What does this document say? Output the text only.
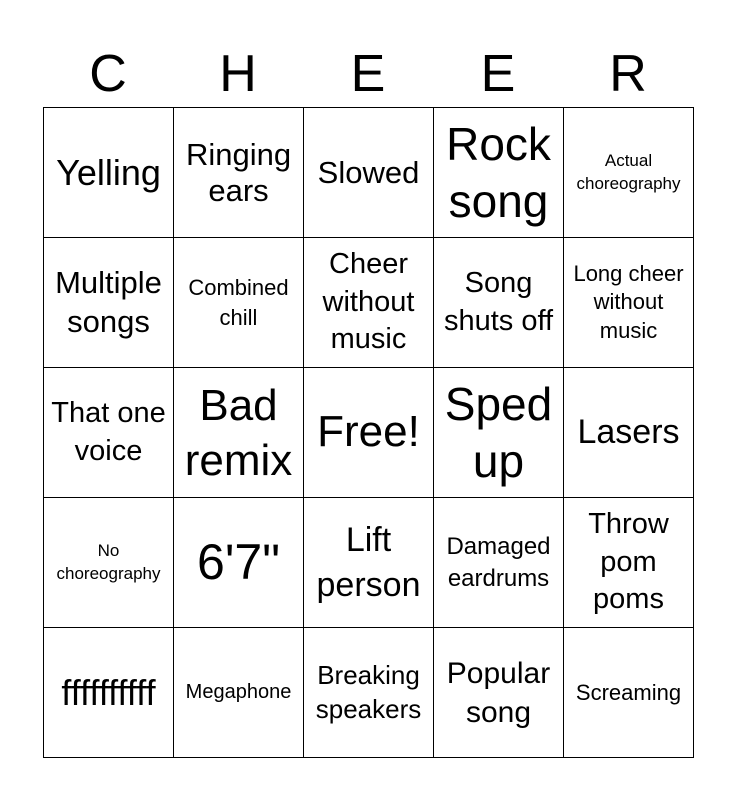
C	H	E	E	R
Yelling	Ringing ears	Slowed	Rock song	Actual choreography
Multiple songs	Combined chill	Cheer without music	Song shuts off	Long cheer without music
That one voice	Bad remix	Free!	Sped up	Lasers
No choreography	6'7"	Lift person	Damaged eardrums	Throw pom poms
ffffffffff	Megaphone	Breaking speakers	Popular song	Screaming
